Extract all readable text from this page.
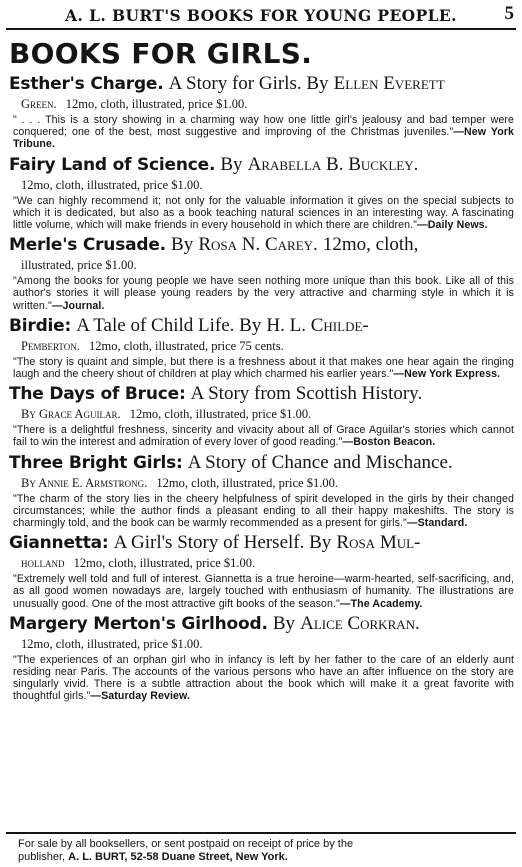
A. L. BURT'S BOOKS FOR YOUNG PEOPLE.	5
BOOKS FOR GIRLS.
Esther's Charge. A Story for Girls. By Ellen Everett
Green. 12mo, cloth, illustrated, price $1.00.
" . . . This is a story showing in a charming way how one little girl's jealousy and bad temper were conquered; one of the best, most suggestive and improving of the Christmas juveniles."—New York Tribune.
Fairy Land of Science. By Arabella B. Buckley.
12mo, cloth, illustrated, price $1.00.
"We can highly recommend it; not only for the valuable information it gives on the special subjects to which it is dedicated, but also as a book teaching natural sciences in an interesting way. A fascinating little volume, which will make friends in every household in which there are children."—Daily News.
Merle's Crusade. By Rosa N. Carey. 12mo, cloth,
illustrated, price $1.00.
"Among the books for young people we have seen nothing more unique than this book. Like all of this author's stories it will please young readers by the very attractive and charming style in which it is written."—Journal.
Birdie: A Tale of Child Life. By H. L. Childe-
Pemberton. 12mo, cloth, illustrated, price 75 cents.
"The story is quaint and simple, but there is a freshness about it that makes one hear again the ringing laugh and the cheery shout of children at play which charmed his earlier years."—New York Express.
The Days of Bruce: A Story from Scottish History.
By Grace Aguilar. 12mo, cloth, illustrated, price $1.00.
"There is a delightful freshness, sincerity and vivacity about all of Grace Aguilar's stories which cannot fail to win the interest and admiration of every lover of good reading."—Boston Beacon.
Three Bright Girls: A Story of Chance and Mischance.
By Annie E. Armstrong. 12mo, cloth, illustrated, price $1.00.
"The charm of the story lies in the cheery helpfulness of spirit developed in the girls by their changed circumstances; while the author finds a pleasant ending to all their happy makeshifts. The story is charmingly told, and the book can be warmly recommended as a present for girls."—Standard.
Giannetta: A Girl's Story of Herself. By Rosa Mul-
holland 12mo, cloth, illustrated, price $1.00.
"Extremely well told and full of interest. Giannetta is a true heroine—warm-hearted, self-sacrificing, and, as all good women nowadays are, largely touched with enthusiasm of humanity. The illustrations are unusually good. One of the most attractive gift books of the season."—The Academy.
Margery Merton's Girlhood. By Alice Corkran.
12mo, cloth, illustrated, price $1.00.
"The experiences of an orphan girl who in infancy is left by her father to the care of an elderly aunt residing near Paris. The accounts of the various persons who have an after influence on the story are singularly vivid. There is a subtle attraction about the book which will make it a great favorite with thoughtful girls."—Saturday Review.
For sale by all booksellers, or sent postpaid on receipt of price by the
publisher, A. L. BURT, 52-58 Duane Street, New York.
